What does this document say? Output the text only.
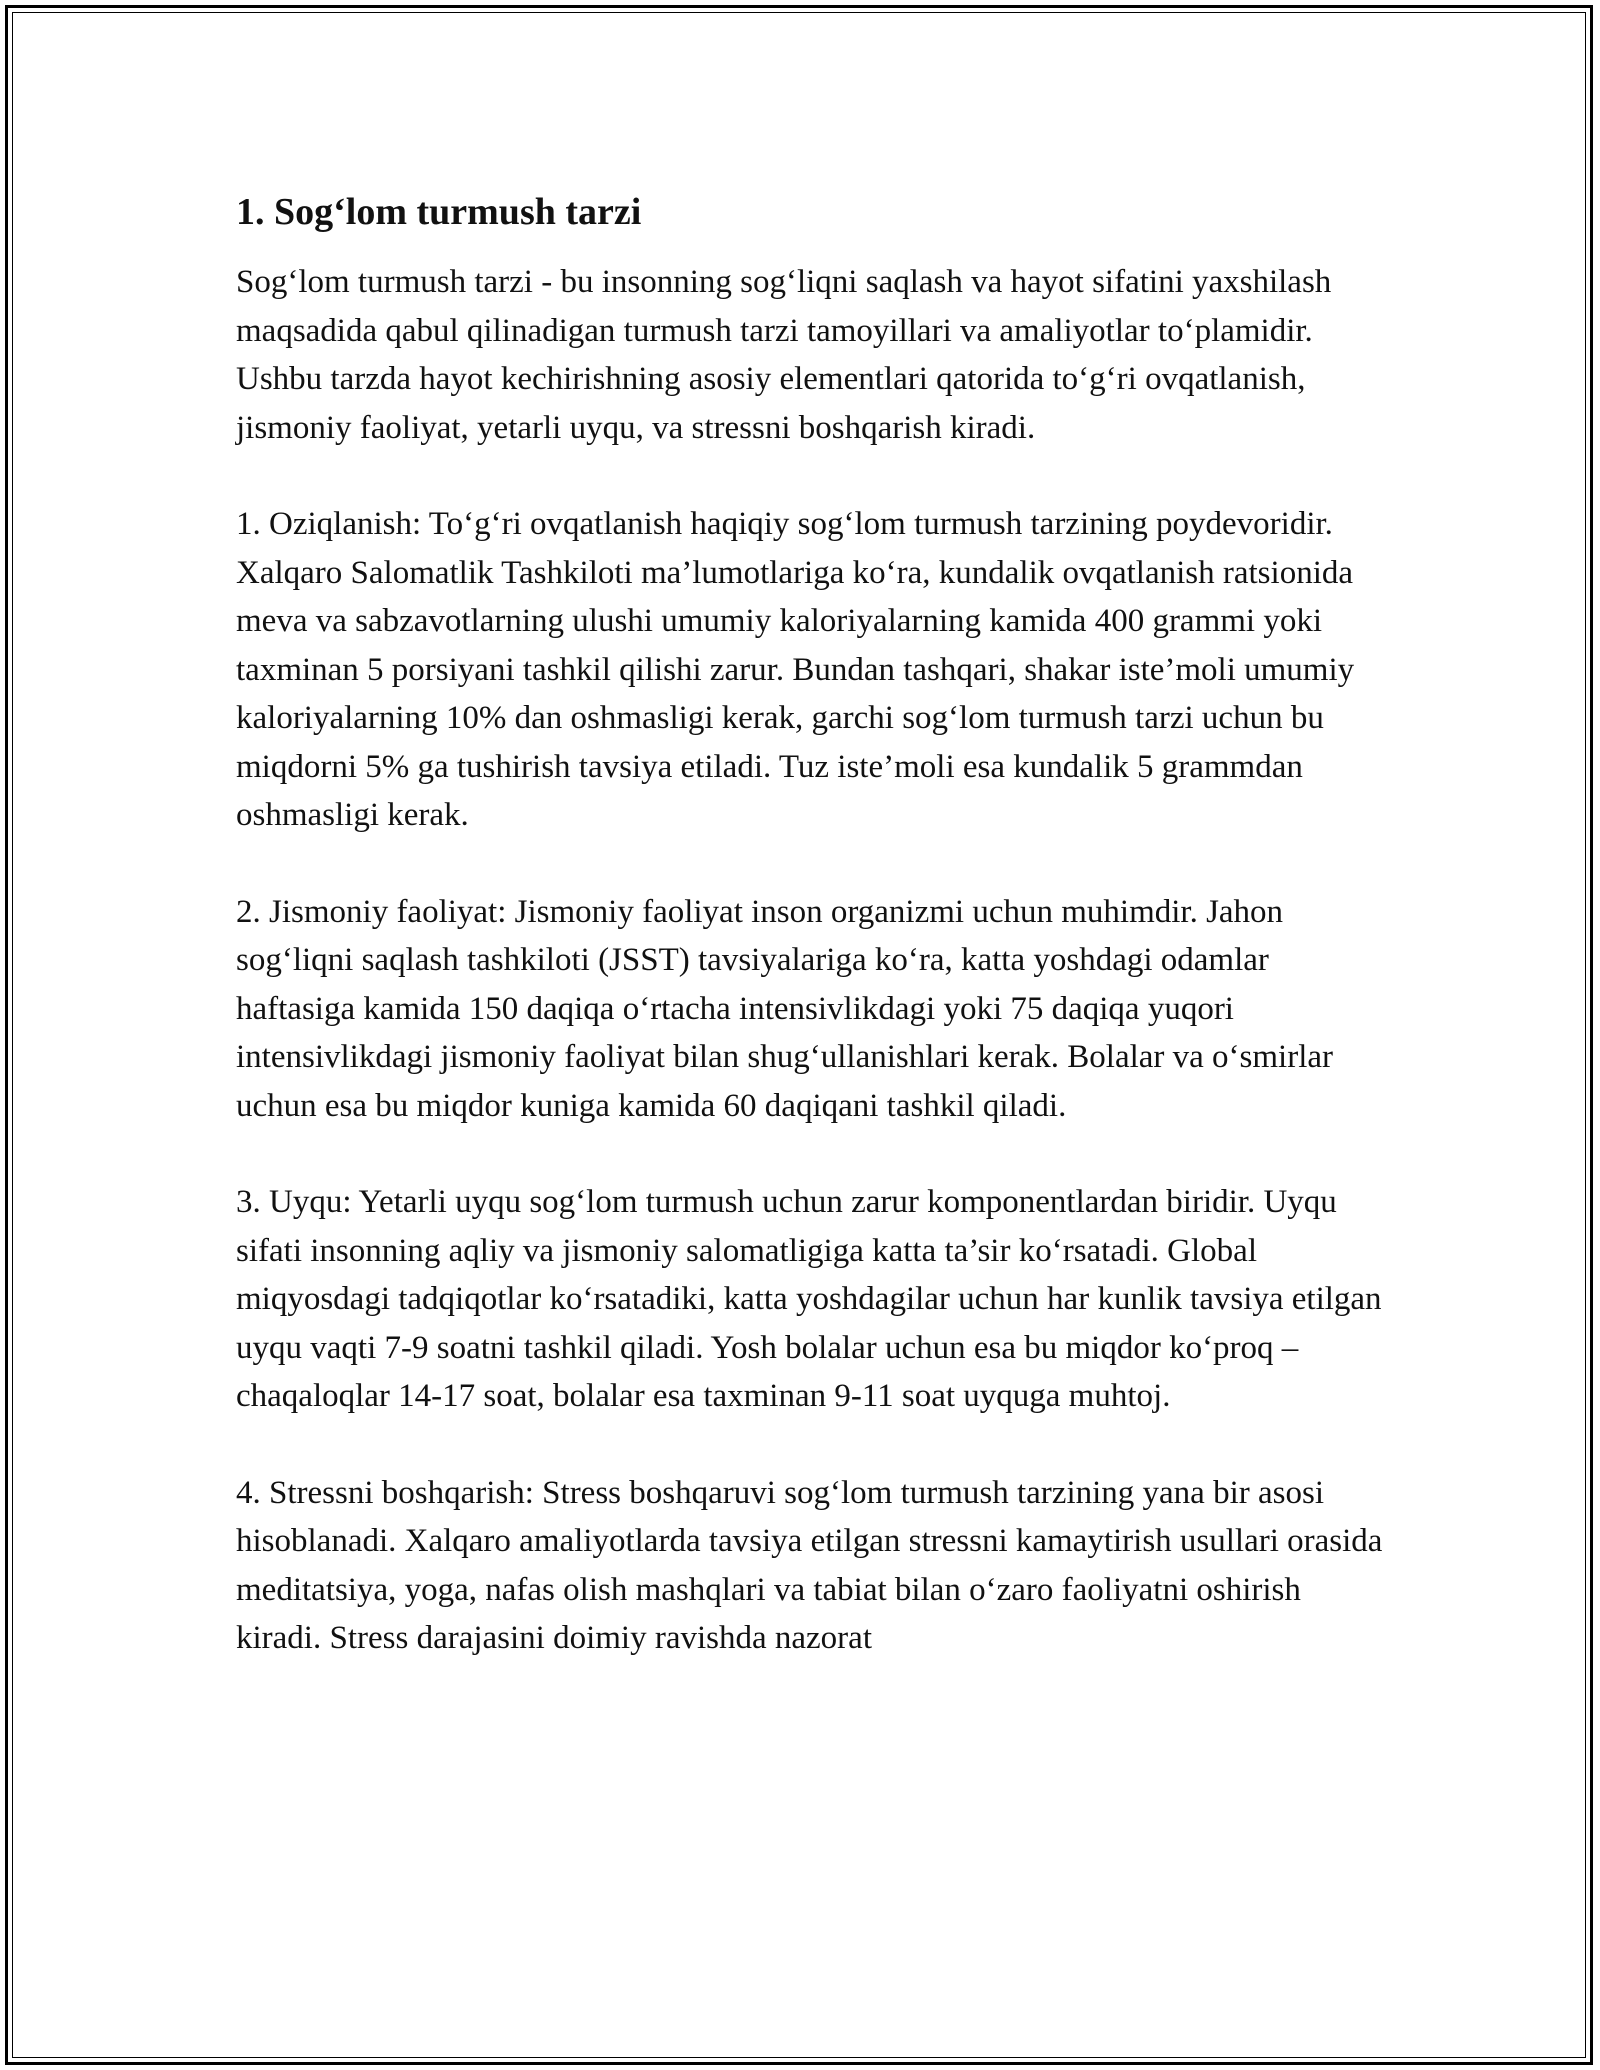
1. Sog‘lom turmush tarzi

Sog‘lom turmush tarzi - bu insonning sog‘liqni saqlash va hayot sifatini yaxshilash maqsadida qabul qilinadigan turmush tarzi tamoyillari va amaliyotlar to‘plamidir. Ushbu tarzda hayot kechirishning asosiy elementlari qatorida to‘g‘ri ovqatlanish, jismoniy faoliyat, yetarli uyqu, va stressni boshqarish kiradi.

1. Oziqlanish: To‘g‘ri ovqatlanish haqiqiy sog‘lom turmush tarzining poydevoridir. Xalqaro Salomatlik Tashkiloti ma’lumotlariga ko‘ra, kundalik ovqatlanish ratsionida meva va sabzavotlarning ulushi umumiy kaloriyalarning kamida 400 grammi yoki taxminan 5 porsiyani tashkil qilishi zarur. Bundan tashqari, shakar iste’moli umumiy kaloriyalarning 10% dan oshmasligi kerak, garchi sog‘lom turmush tarzi uchun bu miqdorni 5% ga tushirish tavsiya etiladi. Tuz iste’moli esa kundalik 5 grammdan oshmasligi kerak.

2. Jismoniy faoliyat: Jismoniy faoliyat inson organizmi uchun muhimdir. Jahon sog‘liqni saqlash tashkiloti (JSST) tavsiyalariga ko‘ra, katta yoshdagi odamlar haftasiga kamida 150 daqiqa o‘rtacha intensivlikdagi yoki 75 daqiqa yuqori intensivlikdagi jismoniy faoliyat bilan shug‘ullanishlari kerak. Bolalar va o‘smirlar uchun esa bu miqdor kuniga kamida 60 daqiqani tashkil qiladi.

3. Uyqu: Yetarli uyqu sog‘lom turmush uchun zarur komponentlardan biridir. Uyqu sifati insonning aqliy va jismoniy salomatligiga katta ta’sir ko‘rsatadi. Global miqyosdagi tadqiqotlar ko‘rsatadiki, katta yoshdagilar uchun har kunlik tavsiya etilgan uyqu vaqti 7-9 soatni tashkil qiladi. Yosh bolalar uchun esa bu miqdor ko‘proq – chaqaloqlar 14-17 soat, bolalar esa taxminan 9-11 soat uyquga muhtoj.

4. Stressni boshqarish: Stress boshqaruvi sog‘lom turmush tarzining yana bir asosi hisoblanadi. Xalqaro amaliyotlarda tavsiya etilgan stressni kamaytirish usullari orasida meditatsiya, yoga, nafas olish mashqlari va tabiat bilan o‘zaro faoliyatni oshirish kiradi. Stress darajasini doimiy ravishda nazorat
